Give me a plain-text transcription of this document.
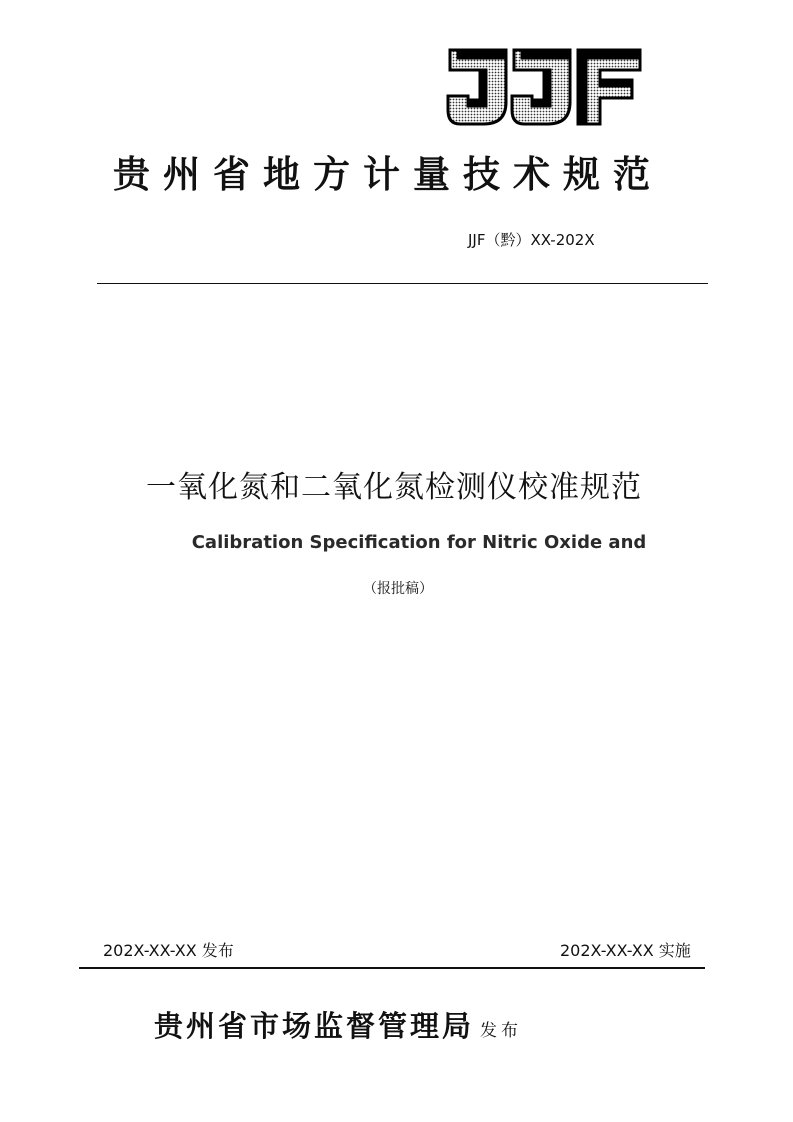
贵州省地方计量技术规范
JJF（黔）XX-202X
一氧化氮和二氧化氮检测仪校准规范
Calibration Specification for Nitric Oxide and
（报批稿）
202X-XX-XX 发布	202X-XX-XX 实施
贵州省市场监督管理局 发布
